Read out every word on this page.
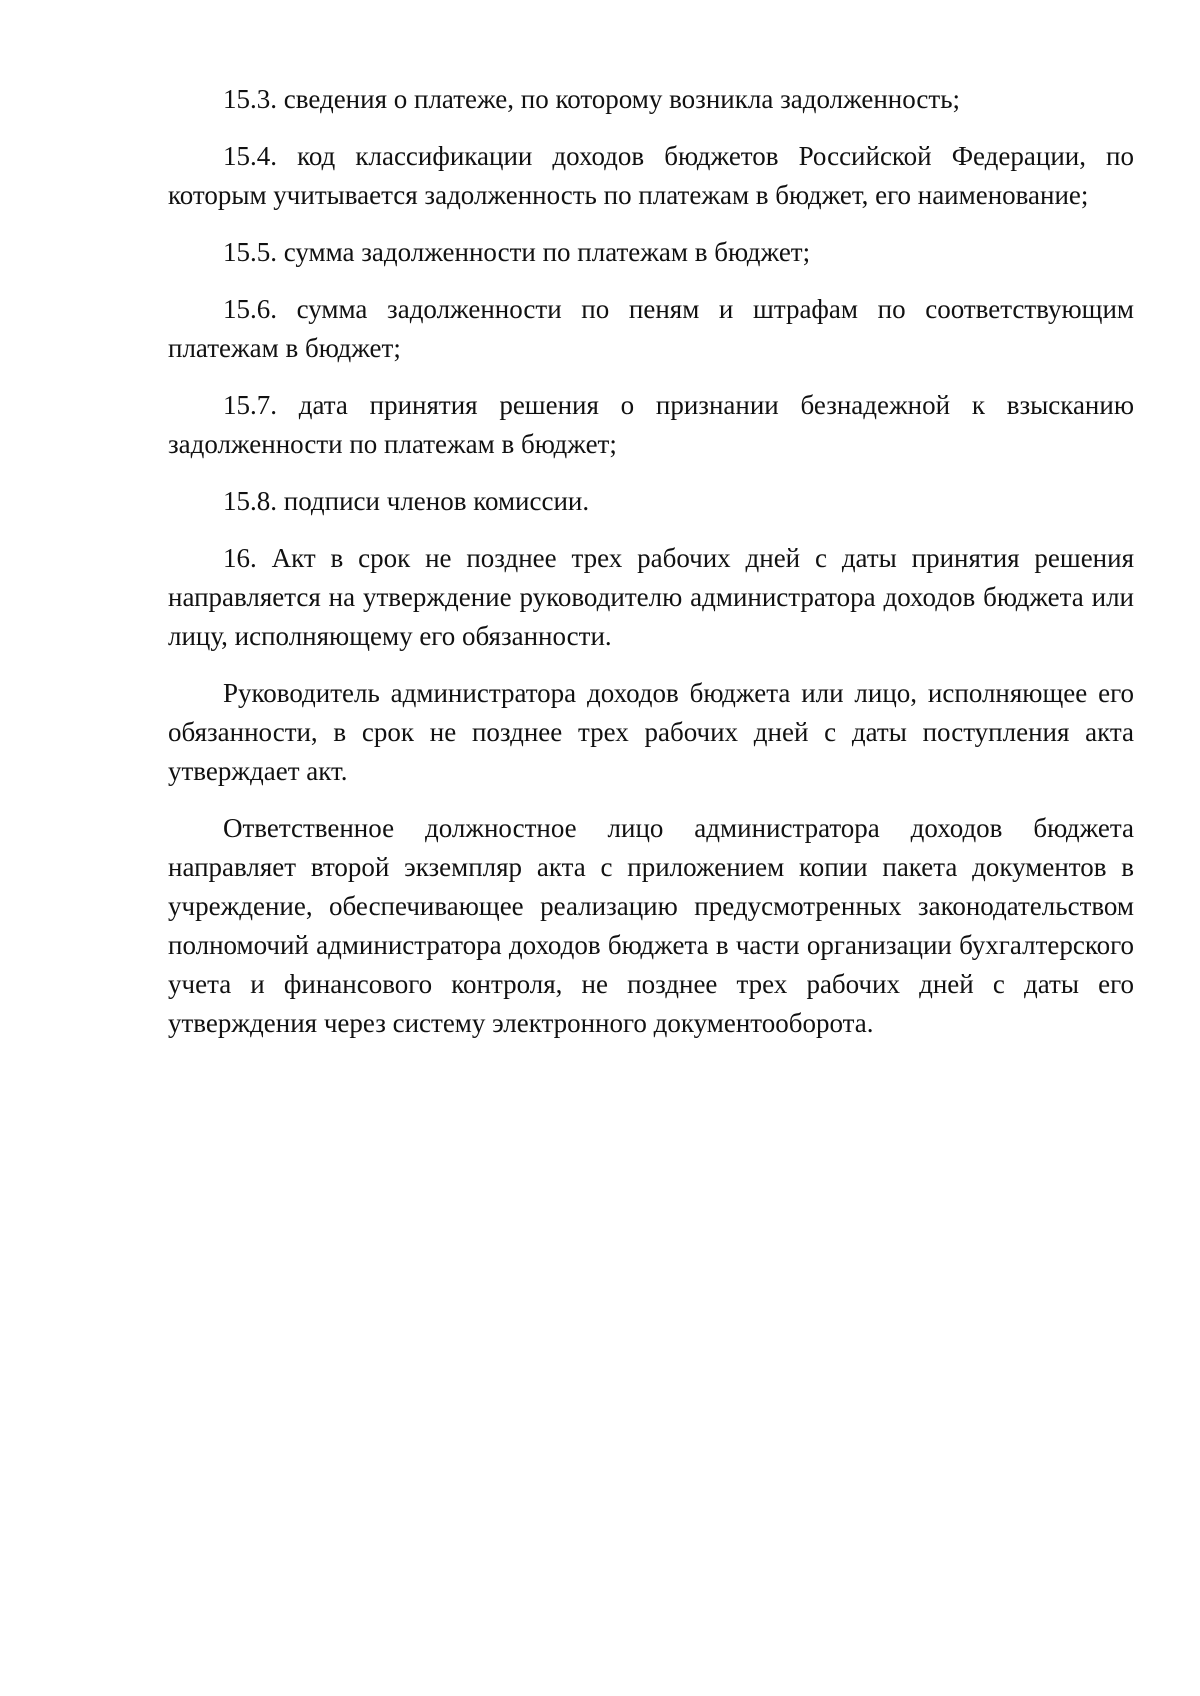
15.3. сведения о платеже, по которому возникла задолженность;

15.4. код классификации доходов бюджетов Российской Федерации, по которым учитывается задолженность по платежам в бюджет, его наименование;

15.5. сумма задолженности по платежам в бюджет;

15.6. сумма задолженности по пеням и штрафам по соответствующим платежам в бюджет;

15.7. дата принятия решения о признании безнадежной к взысканию задолженности по платежам в бюджет;

15.8. подписи членов комиссии.

16. Акт в срок не позднее трех рабочих дней с даты принятия решения направляется на утверждение руководителю администратора доходов бюджета или лицу, исполняющему его обязанности.

Руководитель администратора доходов бюджета или лицо, исполняющее его обязанности, в срок не позднее трех рабочих дней с даты поступления акта утверждает акт.

Ответственное должностное лицо администратора доходов бюджета направляет второй экземпляр акта с приложением копии пакета документов в учреждение, обеспечивающее реализацию предусмотренных законодательством полномочий администратора доходов бюджета в части организации бухгалтерского учета и финансового контроля, не позднее трех рабочих дней с даты его утверждения через систему электронного документооборота.
